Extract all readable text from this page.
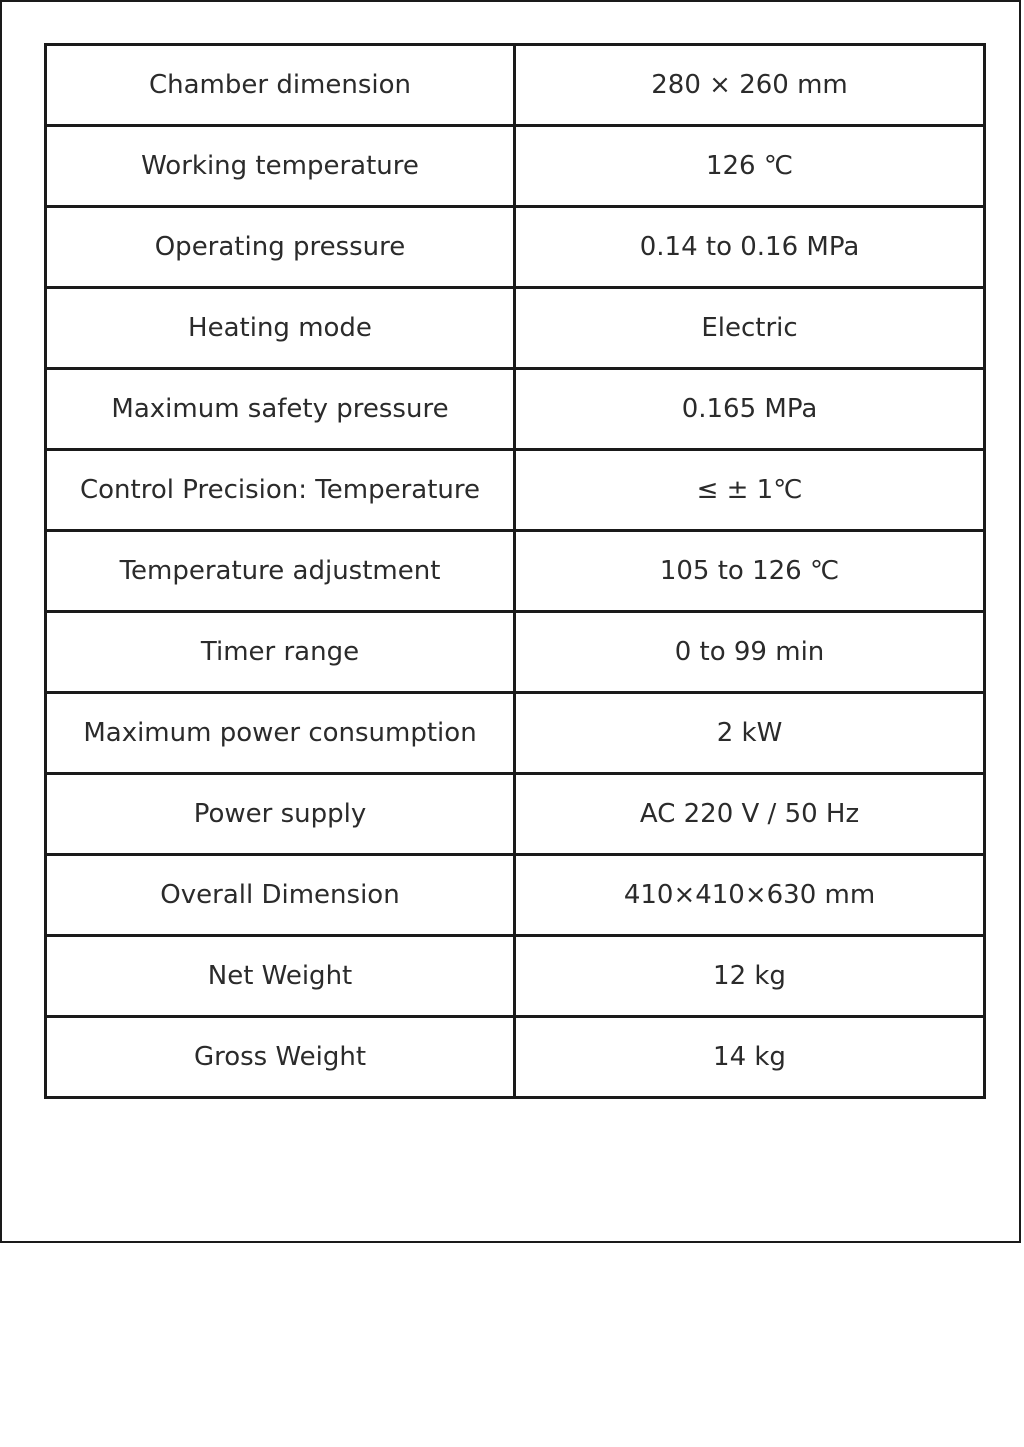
Chamber dimension	280 × 260 mm
Working temperature	126 ℃
Operating pressure	0.14 to 0.16 MPa
Heating mode	Electric
Maximum safety pressure	0.165 MPa
Control Precision: Temperature	≤ ± 1℃
Temperature adjustment	105 to 126 ℃
Timer range	0 to 99 min
Maximum power consumption	2 kW
Power supply	AC 220 V / 50 Hz
Overall Dimension	410×410×630 mm
Net Weight	12 kg
Gross Weight	14 kg
